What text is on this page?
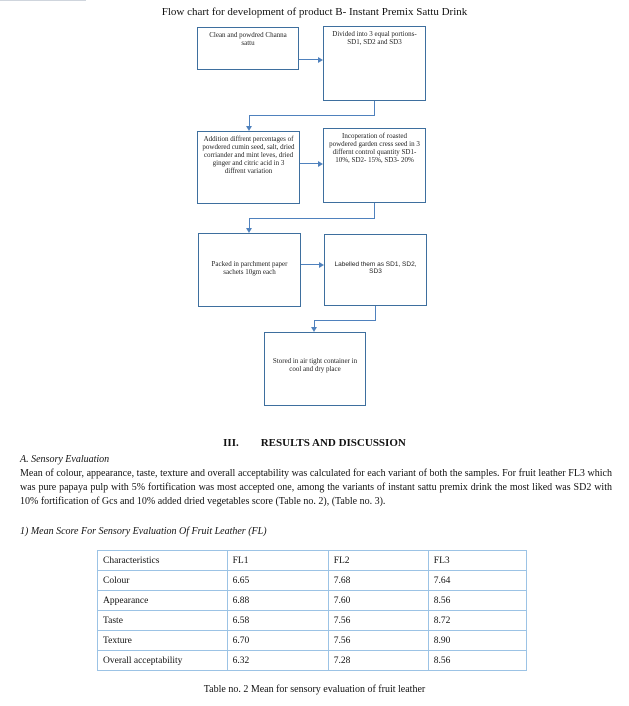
Flow chart for development of product B- Instant Premix Sattu Drink
Clean and powdred Channa sattu
Divided into 3 equal portions- SD1, SD2 and SD3
Addition diffrent percentages of powdered cumin seed, salt, dried corriander and mint leves, dried ginger and citric acid in 3 diffrent variation
Incoperation of roasted powdered garden cress seed in 3 differnt control quantity SD1- 10%, SD2- 15%, SD3- 20%
Packed in parchment paper sachets 10gm each
Labelled them as SD1, SD2, SD3
Stored in air tight container in cool and dry place
III. RESULTS AND DISCUSSION
A. Sensory Evaluation
Mean of colour, appearance, taste, texture and overall acceptability was calculated for each variant of both the samples. For fruit leather FL3 which was pure papaya pulp with 5% fortification was most accepted one, among the variants of instant sattu premix drink the most liked was SD2 with 10% fortification of Gcs and 10% added dried vegetables score (Table no. 2), (Table no. 3).
1) Mean Score For Sensory Evaluation Of Fruit Leather (FL)
Characteristics	FL1	FL2	FL3
Colour	6.65	7.68	7.64
Appearance	6.88	7.60	8.56
Taste	6.58	7.56	8.72
Texture	6.70	7.56	8.90
Overall acceptability	6.32	7.28	8.56
Table no. 2 Mean for sensory evaluation of fruit leather
